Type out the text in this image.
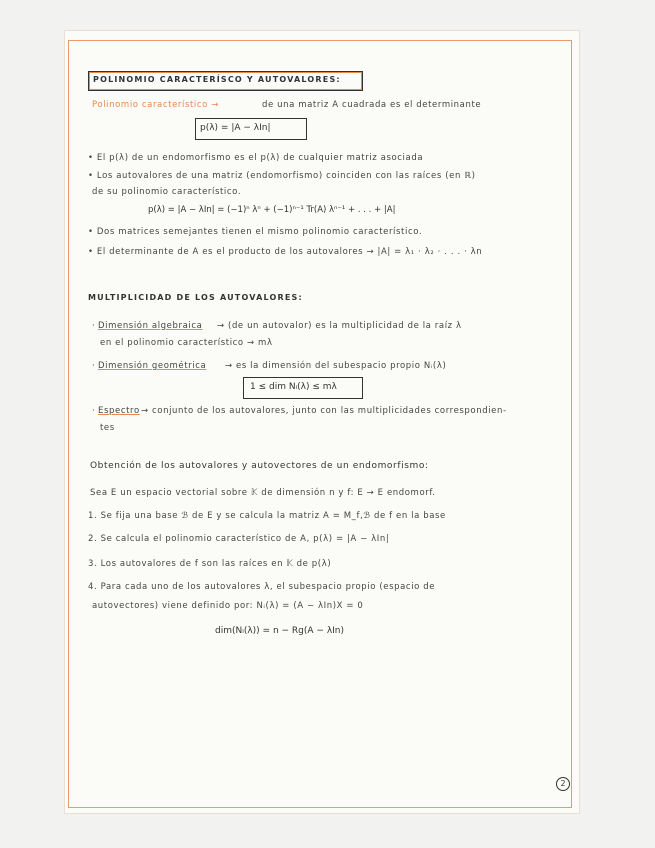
POLINOMIO CARACTERÍSCO Y AUTOVALORES:
Polinomio característico →	de una matriz A cuadrada es el determinante
p(λ) = |A − λIn|
• El p(λ) de un endomorfismo es el p(λ) de cualquier matriz asociada
• Los autovalores de una matriz (endomorfismo) coinciden con las raíces (en ℝ)
de su polinomio característico.
p(λ) = |A − λIn| = (−1)ⁿ λⁿ + (−1)ⁿ⁻¹ Tr(A) λⁿ⁻¹ + . . . + |A|
• Dos matrices semejantes tienen el mismo polinomio característico.
• El determinante de A es el producto de los autovalores → |A| = λ₁ · λ₂ · . . . · λn
MULTIPLICIDAD DE LOS AUTOVALORES:
· Dimensión algebraica → (de un autovalor) es la multiplicidad de la raíz λ
en el polinomio característico → mλ
· Dimensión geométrica → es la dimensión del subespacio propio Nᵢ(λ)
1 ≤ dim Nᵢ(λ) ≤ mλ
· Espectro → conjunto de los autovalores, junto con las multiplicidades correspondien-
tes
Obtención de los autovalores y autovectores de un endomorfismo:
Sea E un espacio vectorial sobre 𝕂 de dimensión n y f: E → E endomorf.
1. Se fija una base ℬ de E y se calcula la matriz A = M_f,ℬ de f en la base
2. Se calcula el polinomio característico de A, p(λ) = |A − λIn|
3. Los autovalores de f son las raíces en 𝕂 de p(λ)
4. Para cada uno de los autovalores λ, el subespacio propio (espacio de
autovectores) viene definido por: Nᵢ(λ) = (A − λIn)X = 0
dim(Nᵢ(λ)) = n − Rg(A − λIn)
2
